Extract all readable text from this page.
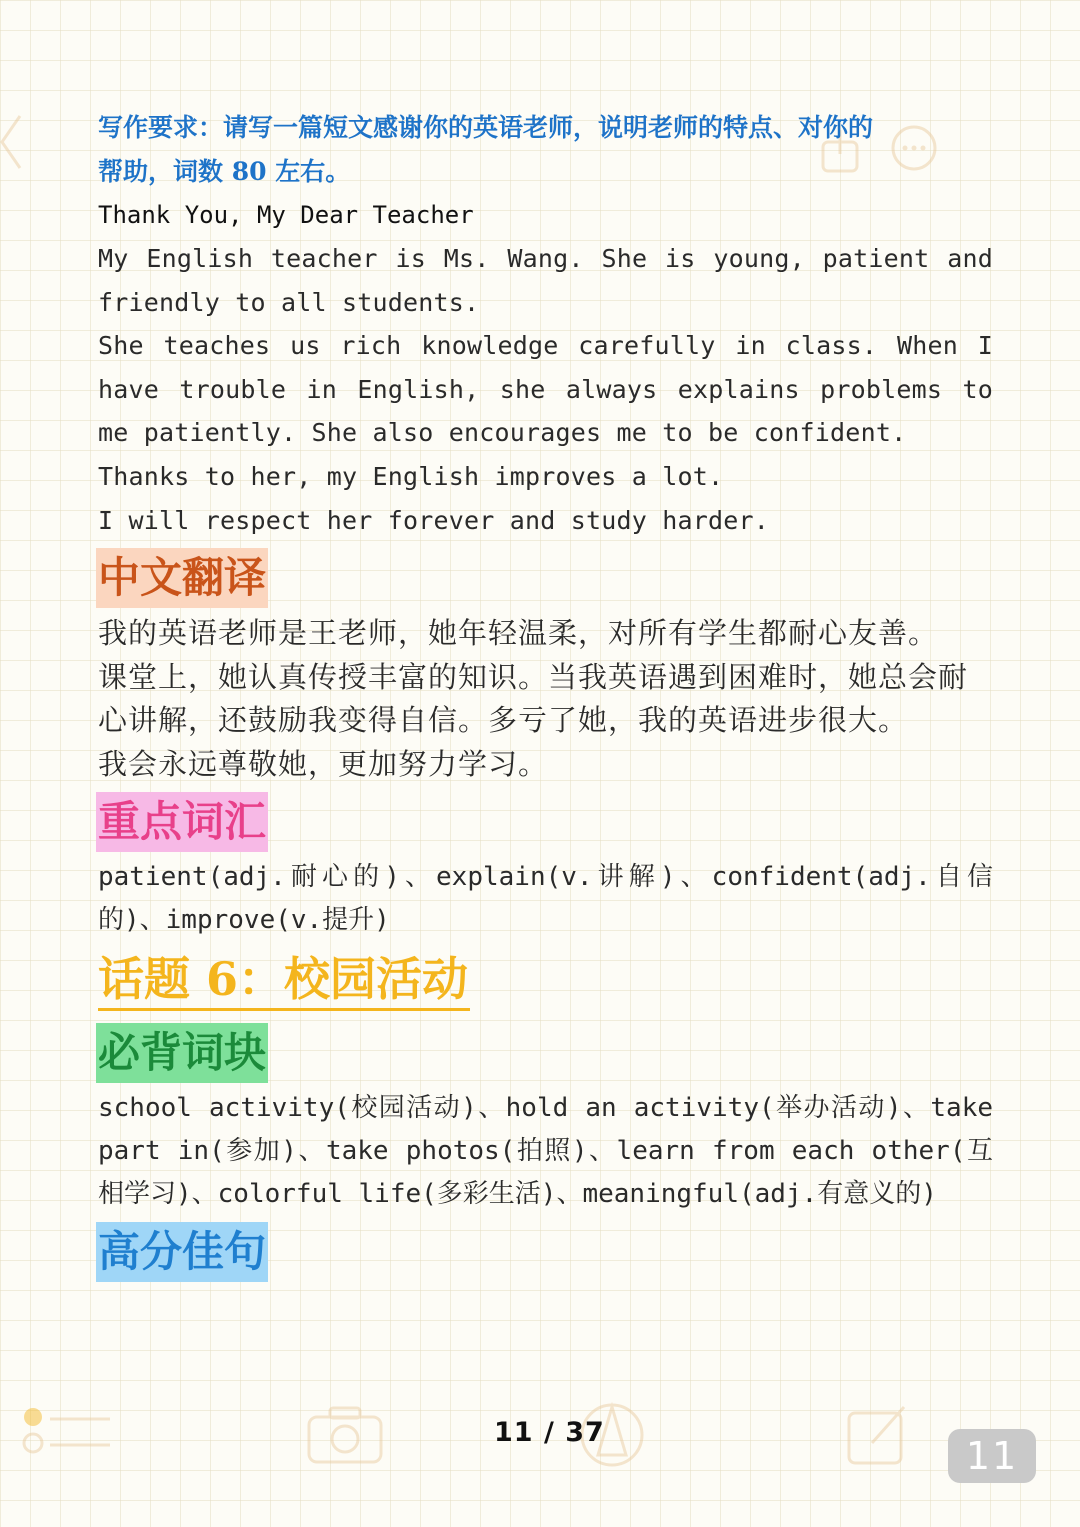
写作要求：请写一篇短文感谢你的英语老师，说明老师的特点、对你的
帮助，词数 80 左右。

Thank You, My Dear Teacher

My English teacher is Ms. Wang. She is young, patient and friendly to all students.

She teaches us rich knowledge carefully in class. When I have trouble in English, she always explains problems to me patiently. She also encourages me to be confident.

Thanks to her, my English improves a lot.

I will respect her forever and study harder.

中文翻译

我的英语老师是王老师，她年轻温柔，对所有学生都耐心友善。

课堂上，她认真传授丰富的知识。当我英语遇到困难时，她总会耐心讲解，还鼓励我变得自信。多亏了她，我的英语进步很大。

我会永远尊敬她，更加努力学习。

重点词汇

patient(adj.耐心的)、explain(v.讲解)、confident(adj.自信的)、improve(v.提升)

话题 6：校园活动
必背词块

school activity(校园活动)、hold an activity(举办活动)、take part in(参加)、take photos(拍照)、learn from each other(互相学习)、colorful life(多彩生活)、meaningful(adj.有意义的)

高分佳句
11 / 37
11
